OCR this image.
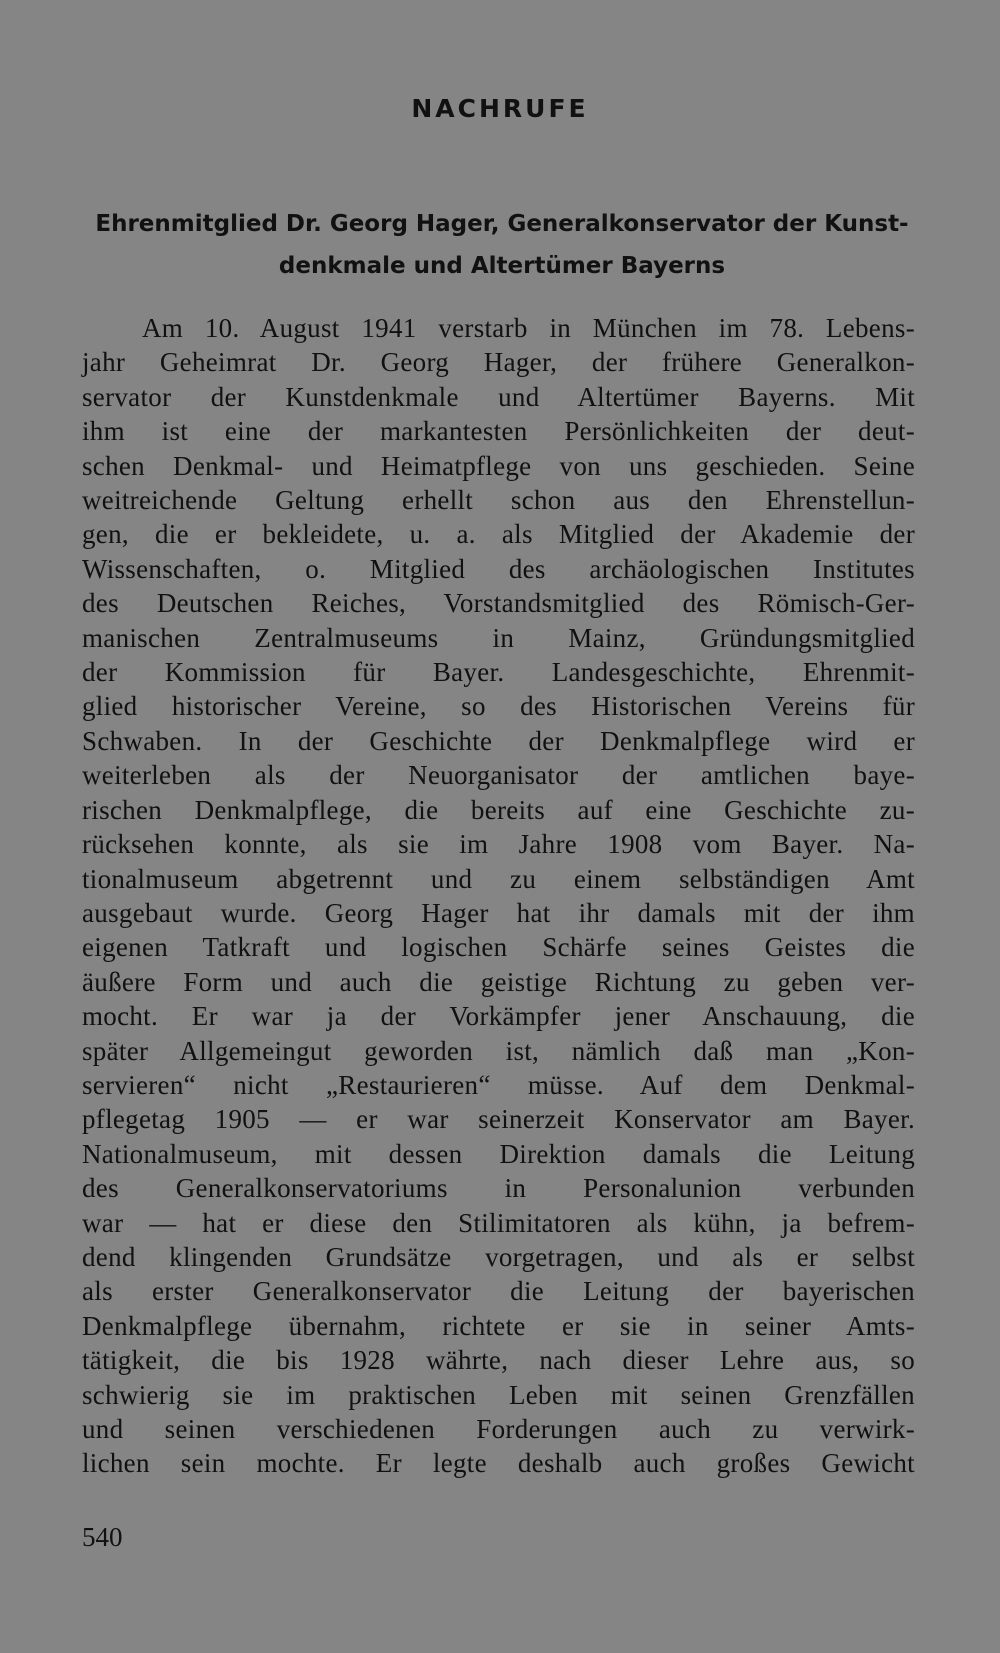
NACHRUFE
Ehrenmitglied Dr. Georg Hager, Generalkonservator der Kunst-
denkmale und Altertümer Bayerns
Am 10. August 1941 verstarb in München im 78. Lebens-
jahr Geheimrat Dr. Georg Hager, der frühere Generalkon-
servator der Kunstdenkmale und Altertümer Bayerns. Mit
ihm ist eine der markantesten Persönlichkeiten der deut-
schen Denkmal- und Heimatpflege von uns geschieden. Seine
weitreichende Geltung erhellt schon aus den Ehrenstellun-
gen, die er bekleidete, u. a. als Mitglied der Akademie der
Wissenschaften, o. Mitglied des archäologischen Institutes
des Deutschen Reiches, Vorstandsmitglied des Römisch-Ger-
manischen Zentralmuseums in Mainz, Gründungsmitglied
der Kommission für Bayer. Landesgeschichte, Ehrenmit-
glied historischer Vereine, so des Historischen Vereins für
Schwaben. In der Geschichte der Denkmalpflege wird er
weiterleben als der Neuorganisator der amtlichen baye-
rischen Denkmalpflege, die bereits auf eine Geschichte zu-
rücksehen konnte, als sie im Jahre 1908 vom Bayer. Na-
tionalmuseum abgetrennt und zu einem selbständigen Amt
ausgebaut wurde. Georg Hager hat ihr damals mit der ihm
eigenen Tatkraft und logischen Schärfe seines Geistes die
äußere Form und auch die geistige Richtung zu geben ver-
mocht. Er war ja der Vorkämpfer jener Anschauung, die
später Allgemeingut geworden ist, nämlich daß man „Kon-
servieren“ nicht „Restaurieren“ müsse. Auf dem Denkmal-
pflegetag 1905 — er war seinerzeit Konservator am Bayer.
Nationalmuseum, mit dessen Direktion damals die Leitung
des Generalkonservatoriums in Personalunion verbunden
war — hat er diese den Stilimitatoren als kühn, ja befrem-
dend klingenden Grundsätze vorgetragen, und als er selbst
als erster Generalkonservator die Leitung der bayerischen
Denkmalpflege übernahm, richtete er sie in seiner Amts-
tätigkeit, die bis 1928 währte, nach dieser Lehre aus, so
schwierig sie im praktischen Leben mit seinen Grenzfällen
und seinen verschiedenen Forderungen auch zu verwirk-
lichen sein mochte. Er legte deshalb auch großes Gewicht
540
